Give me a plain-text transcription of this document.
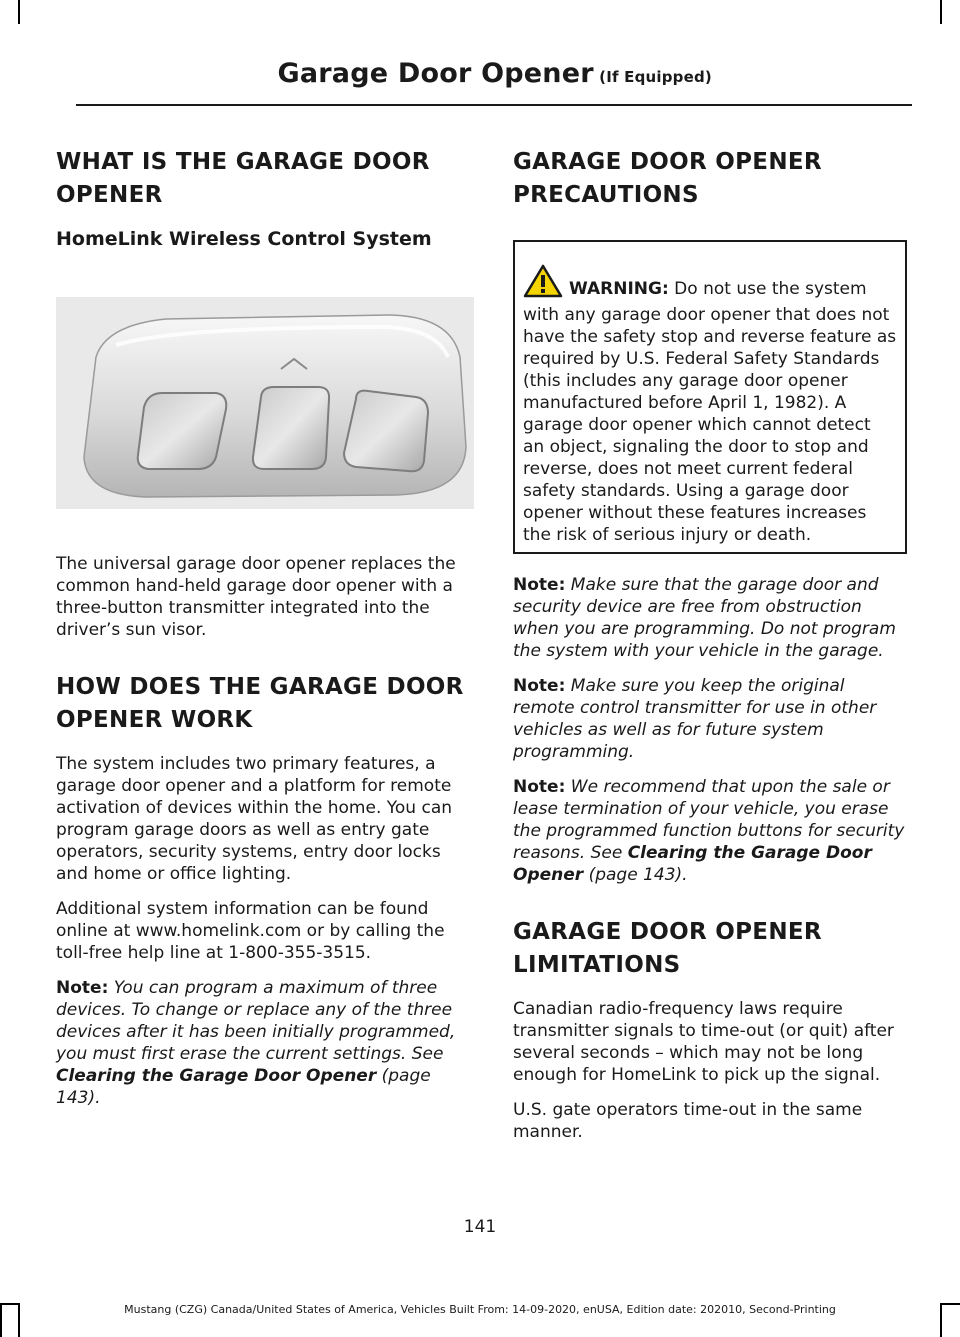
Garage Door Opener (If Equipped)
WHAT IS THE GARAGE DOOR OPENER
HomeLink Wireless Control System

The universal garage door opener replaces the common hand-held garage door opener with a three-button transmitter integrated into the driver’s sun visor.

HOW DOES THE GARAGE DOOR OPENER WORK

The system includes two primary features, a garage door opener and a platform for remote activation of devices within the home. You can program garage doors as well as entry gate operators, security systems, entry door locks and home or office lighting.

Additional system information can be found online at www.homelink.com or by calling the toll-free help line at 1-800-355-3515.

Note: You can program a maximum of three devices. To change or replace any of the three devices after it has been initially programmed, you must first erase the current settings. See Clearing the Garage Door Opener (page 143).

GARAGE DOOR OPENER PRECAUTIONS

WARNING: Do not use the system with any garage door opener that does not have the safety stop and reverse feature as required by U.S. Federal Safety Standards (this includes any garage door opener manufactured before April 1, 1982). A garage door opener which cannot detect an object, signaling the door to stop and reverse, does not meet current federal safety standards. Using a garage door opener without these features increases the risk of serious injury or death.

Note: Make sure that the garage door and security device are free from obstruction when you are programming. Do not program the system with your vehicle in the garage.

Note: Make sure you keep the original remote control transmitter for use in other vehicles as well as for future system programming.

Note: We recommend that upon the sale or lease termination of your vehicle, you erase the programmed function buttons for security reasons. See Clearing the Garage Door Opener (page 143).

GARAGE DOOR OPENER LIMITATIONS

Canadian radio-frequency laws require transmitter signals to time-out (or quit) after several seconds – which may not be long enough for HomeLink to pick up the signal.

U.S. gate operators time-out in the same manner.

141
Mustang (CZG) Canada/United States of America, Vehicles Built From: 14-09-2020, enUSA, Edition date: 202010, Second-Printing
